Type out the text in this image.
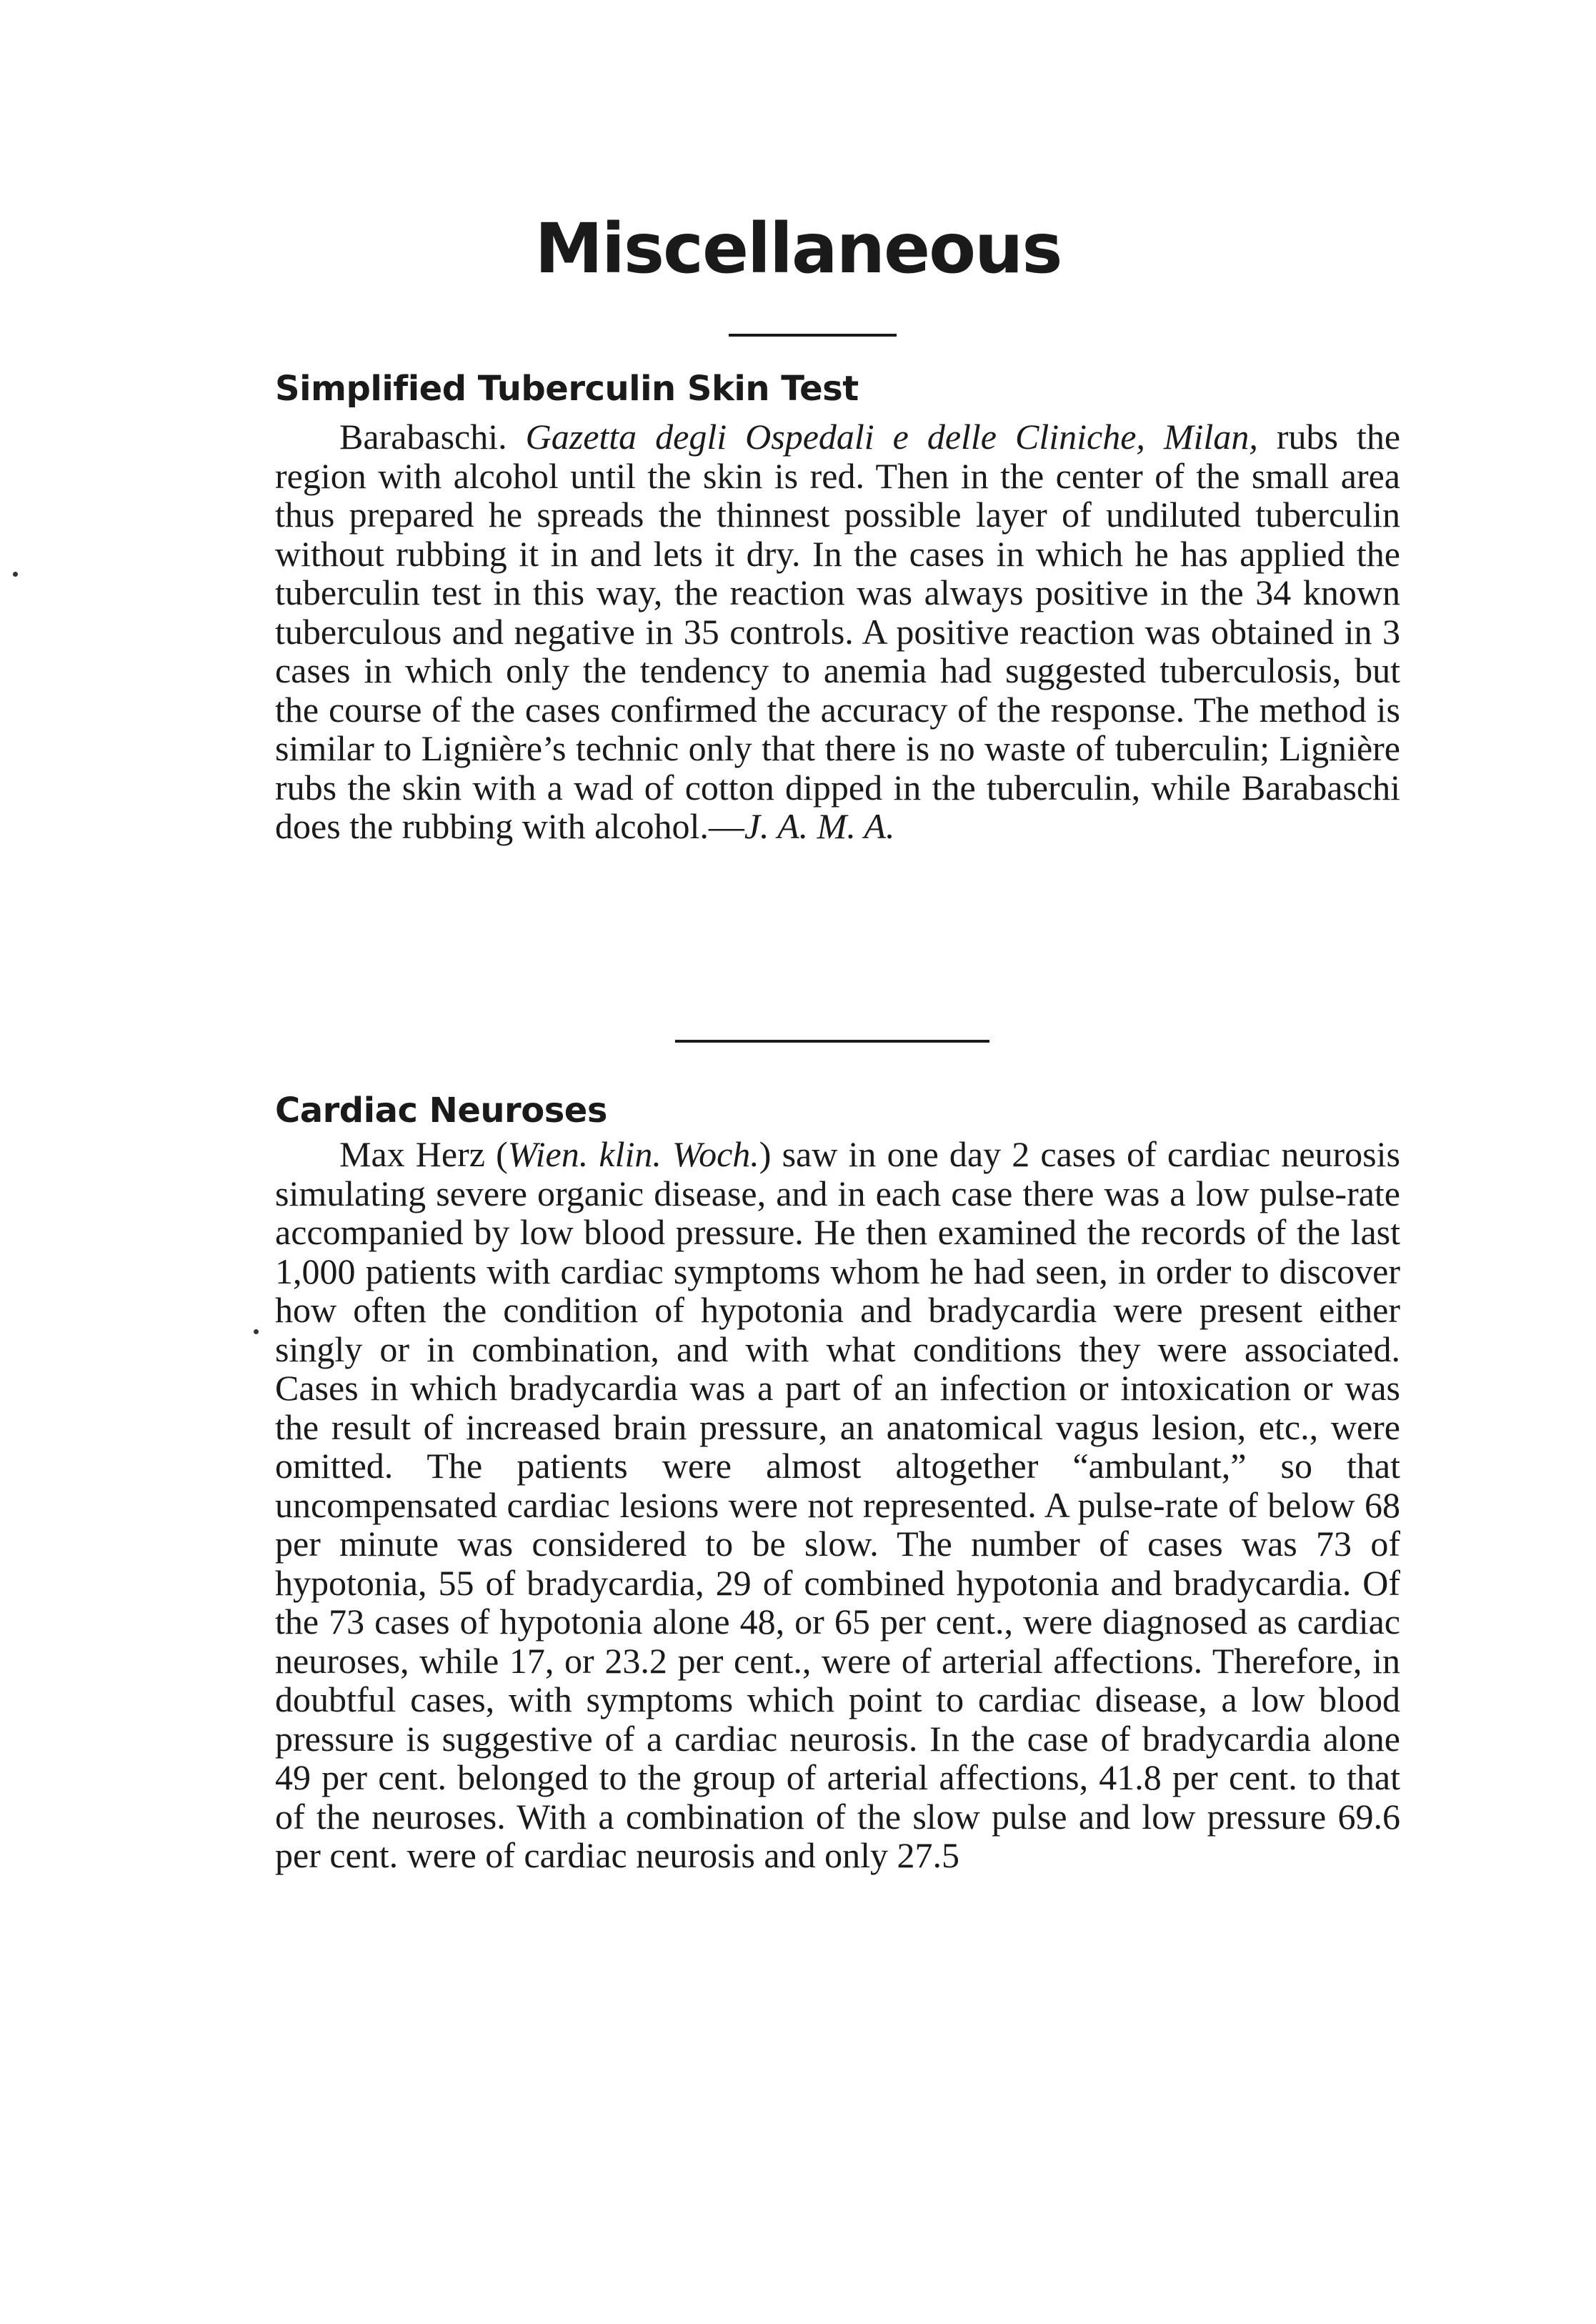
Miscellaneous
Simplified Tuberculin Skin Test

Barabaschi. Gazetta degli Ospedali e delle Cliniche, Milan, rubs the region with alcohol until the skin is red. Then in the center of the small area thus prepared he spreads the thinnest possible layer of undiluted tuberculin without rubbing it in and lets it dry. In the cases in which he has applied the tuberculin test in this way, the reaction was always positive in the 34 known tuberculous and negative in 35 controls. A positive reaction was obtained in 3 cases in which only the tendency to anemia had suggested tuberculosis, but the course of the cases confirmed the accuracy of the response. The method is similar to Lignière’s technic only that there is no waste of tuberculin; Lignière rubs the skin with a wad of cotton dipped in the tuberculin, while Barabaschi does the rubbing with alcohol.—J. A. M. A.

Cardiac Neuroses

Max Herz (Wien. klin. Woch.) saw in one day 2 cases of cardiac neurosis simulating severe organic disease, and in each case there was a low pulse-rate accompanied by low blood pressure. He then examined the records of the last 1,000 patients with cardiac symptoms whom he had seen, in order to discover how often the condition of hypotonia and bradycardia were present either singly or in combination, and with what conditions they were associated. Cases in which bradycardia was a part of an infection or intoxication or was the result of increased brain pressure, an anatomical vagus lesion, etc., were omitted. The patients were almost altogether “ambulant,” so that uncompensated cardiac lesions were not represented. A pulse-rate of below 68 per minute was considered to be slow. The number of cases was 73 of hypotonia, 55 of bradycardia, 29 of combined hypotonia and bradycardia. Of the 73 cases of hypotonia alone 48, or 65 per cent., were diagnosed as cardiac neuroses, while 17, or 23.2 per cent., were of arterial affections. Therefore, in doubtful cases, with symptoms which point to cardiac disease, a low blood pressure is suggestive of a cardiac neurosis. In the case of bradycardia alone 49 per cent. belonged to the group of arterial affections, 41.8 per cent. to that of the neuroses. With a combination of the slow pulse and low pressure 69.6 per cent. were of cardiac neurosis and only 27.5
